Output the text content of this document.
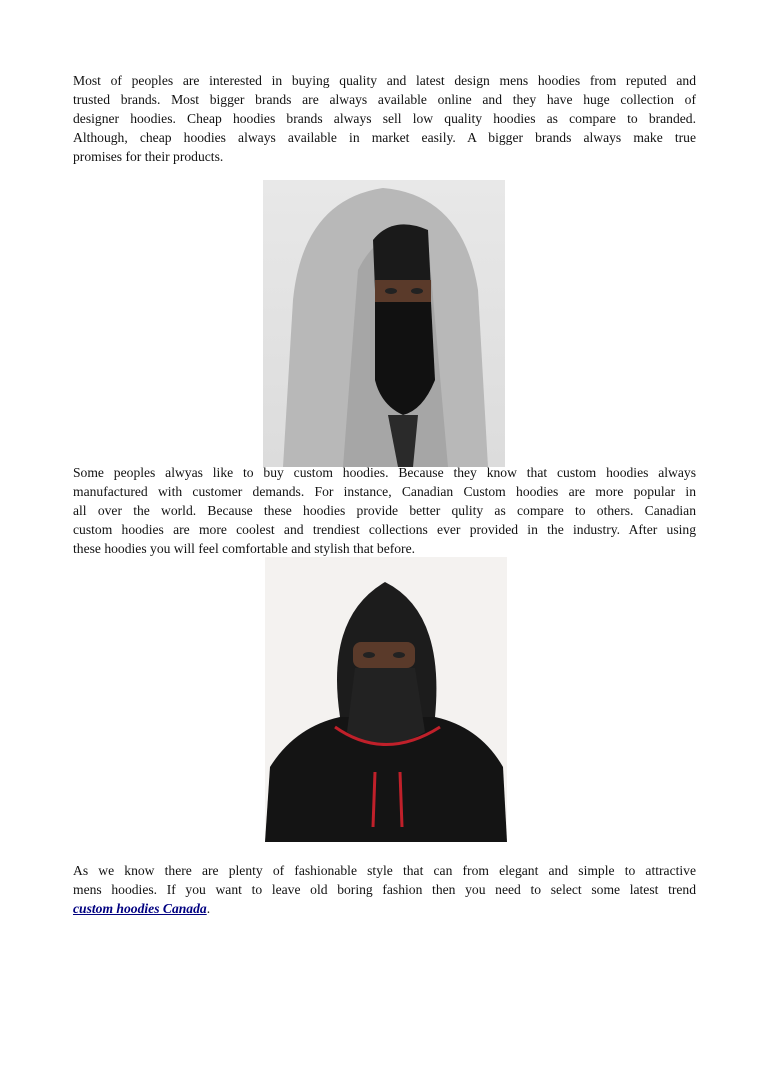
Most of peoples are interested in buying quality and latest design mens hoodies from reputed and
trusted brands. Most bigger brands are always available online and they have huge collection of
designer hoodies. Cheap hoodies brands always sell low quality hoodies as compare to branded.
Although, cheap hoodies always available in market easily. A bigger brands always make true
promises for their products.
Some peoples alwyas like to buy custom hoodies. Because they know that custom hoodies always
manufactured with customer demands. For instance, Canadian Custom hoodies are more popular in
all over the world. Because these hoodies provide better qulity as compare to others. Canadian
custom hoodies are more coolest and trendiest collections ever provided in the industry. After using
these hoodies you will feel comfortable and stylish that before.
As we know there are plenty of fashionable style that can from elegant and simple to attractive
mens hoodies. If you want to leave old boring fashion then you need to select some latest trend
custom hoodies Canada.
